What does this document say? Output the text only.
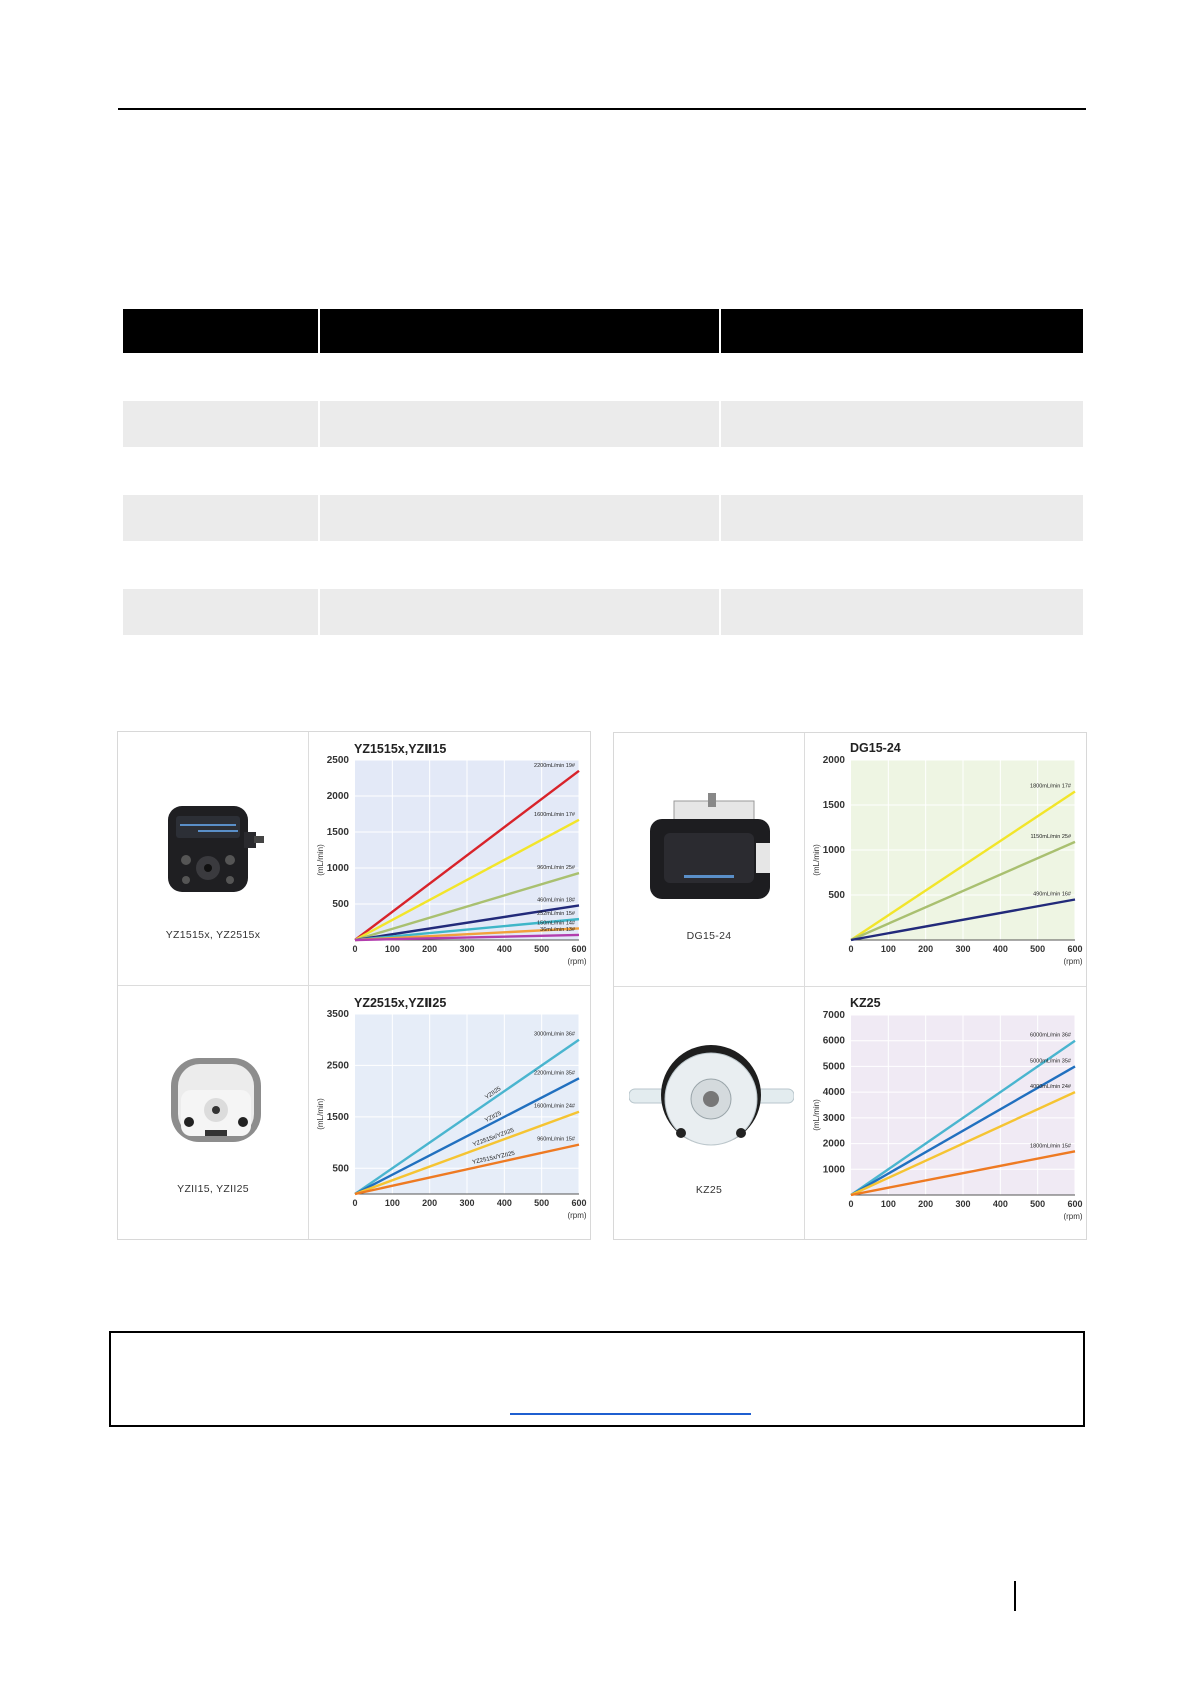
YZ1515x, YZ2515x
YZII15, YZII25
YZ1515x,YZⅡ15
0	100 200 300 400 500 600
500
1000
1500
2000
2500
(rpm)
(mL/min)
2200mL/min 19#
1600mL/min 17#
960mL/min 25#
460mL/min 18#
252mL/min 15#
150mL/min 14#
36mL/min 13#
YZ2515x,YZⅡ25
0	100 200 300 400 500 600
500
1500
2500
3500
(rpm)
(mL/min)
3000mL/min 36#
YZII25
2200mL/min 35#
YZII25
1600mL/min 24#
YZ2515x/YZII25	960mL/min 15#
YZ2515x/YZII25
DG15-24
KZ25
DG15-24
0	100 200 300 400 500 600
500
1000
1500
2000
(rpm)
(mL/min)
1800mL/min 17#
1150mL/min 25#
490mL/min 16#
KZ25
0	100 200 300 400 500 600
1000
2000
3000
4000
5000
6000
7000
(rpm)
(mL/min)
6000mL/min 36#
5000mL/min 35#
4000mL/min 24#
1800mL/min 15#
